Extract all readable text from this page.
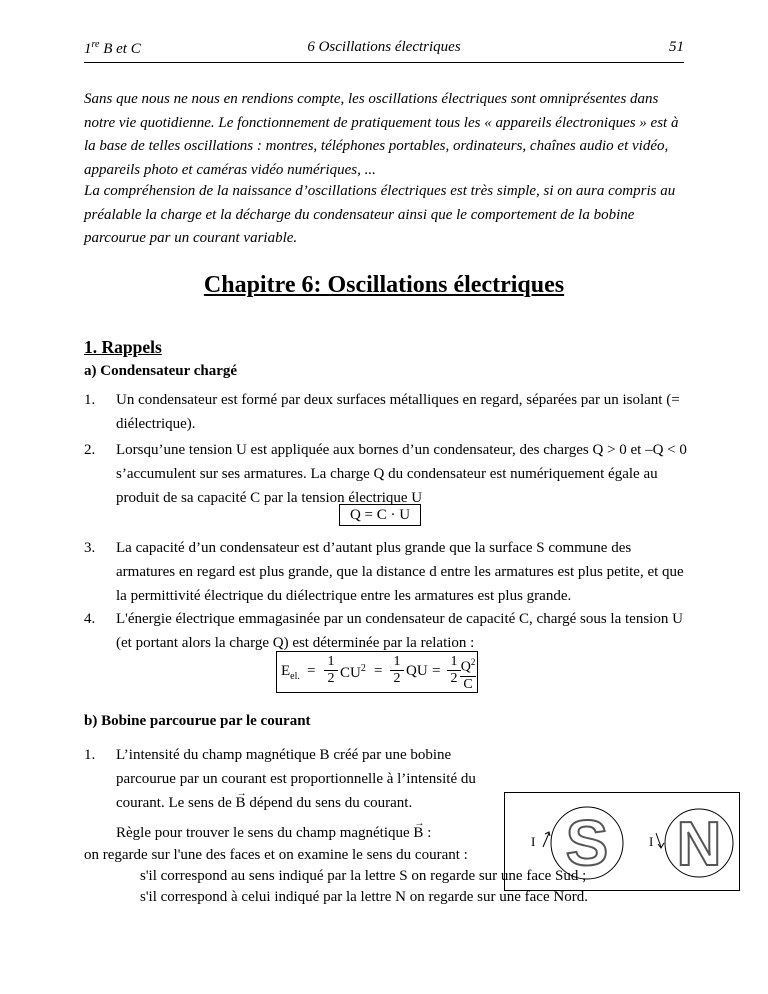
1re B et C	6 Oscillations électriques	51

Sans que nous ne nous en rendions compte, les oscillations électriques sont omniprésentes dans notre vie quotidienne. Le fonctionnement de pratiquement tous les « appareils électroniques » est à la base de telles oscillations : montres, téléphones portables, ordinateurs, chaînes audio et vidéo, appareils photo et caméras vidéo numériques, ...

La compréhension de la naissance d’oscillations électriques est très simple, si on aura compris au préalable la charge et la décharge du condensateur ainsi que le comportement de la bobine parcourue par un courant variable.

Chapitre 6: Oscillations électriques
1. Rappels
a) Condensateur chargé
1. Un condensateur est formé par deux surfaces métalliques en regard, séparées par un isolant (= diélectrique).
2. Lorsqu’une tension U est appliquée aux bornes d’un condensateur, des charges Q > 0 et –Q < 0 s’accumulent sur ses armatures. La charge Q du condensateur est numériquement égale au produit de sa capacité C par la tension électrique U
Q = C · U
3. La capacité d’un condensateur est d’autant plus grande que la surface S commune des armatures en regard est plus grande, que la distance d entre les armatures est plus petite, et que la permittivité électrique du diélectrique entre les armatures est plus grande.
4. L'énergie électrique emmagasinée par un condensateur de capacité C, chargé sous la tension U (et portant alors la charge Q) est déterminée par la relation :
$E_{el.}$ =
1
2 $CU^2$ =
1
2 QU =
1
2
$Q^2$
C
b) Bobine parcourue par le courant
1. L’intensité du champ magnétique B créé par une bobine parcourue par un courant est proportionnelle à l’intensité du courant. Le sens de → B dépend du sens du courant.
I S	I N
Règle pour trouver le sens du champ magnétique → B :
on regarde sur l'une des faces et on examine le sens du courant :
s'il correspond au sens indiqué par la lettre S on regarde sur une face Sud ;
s'il correspond à celui indiqué par la lettre N on regarde sur une face Nord.
